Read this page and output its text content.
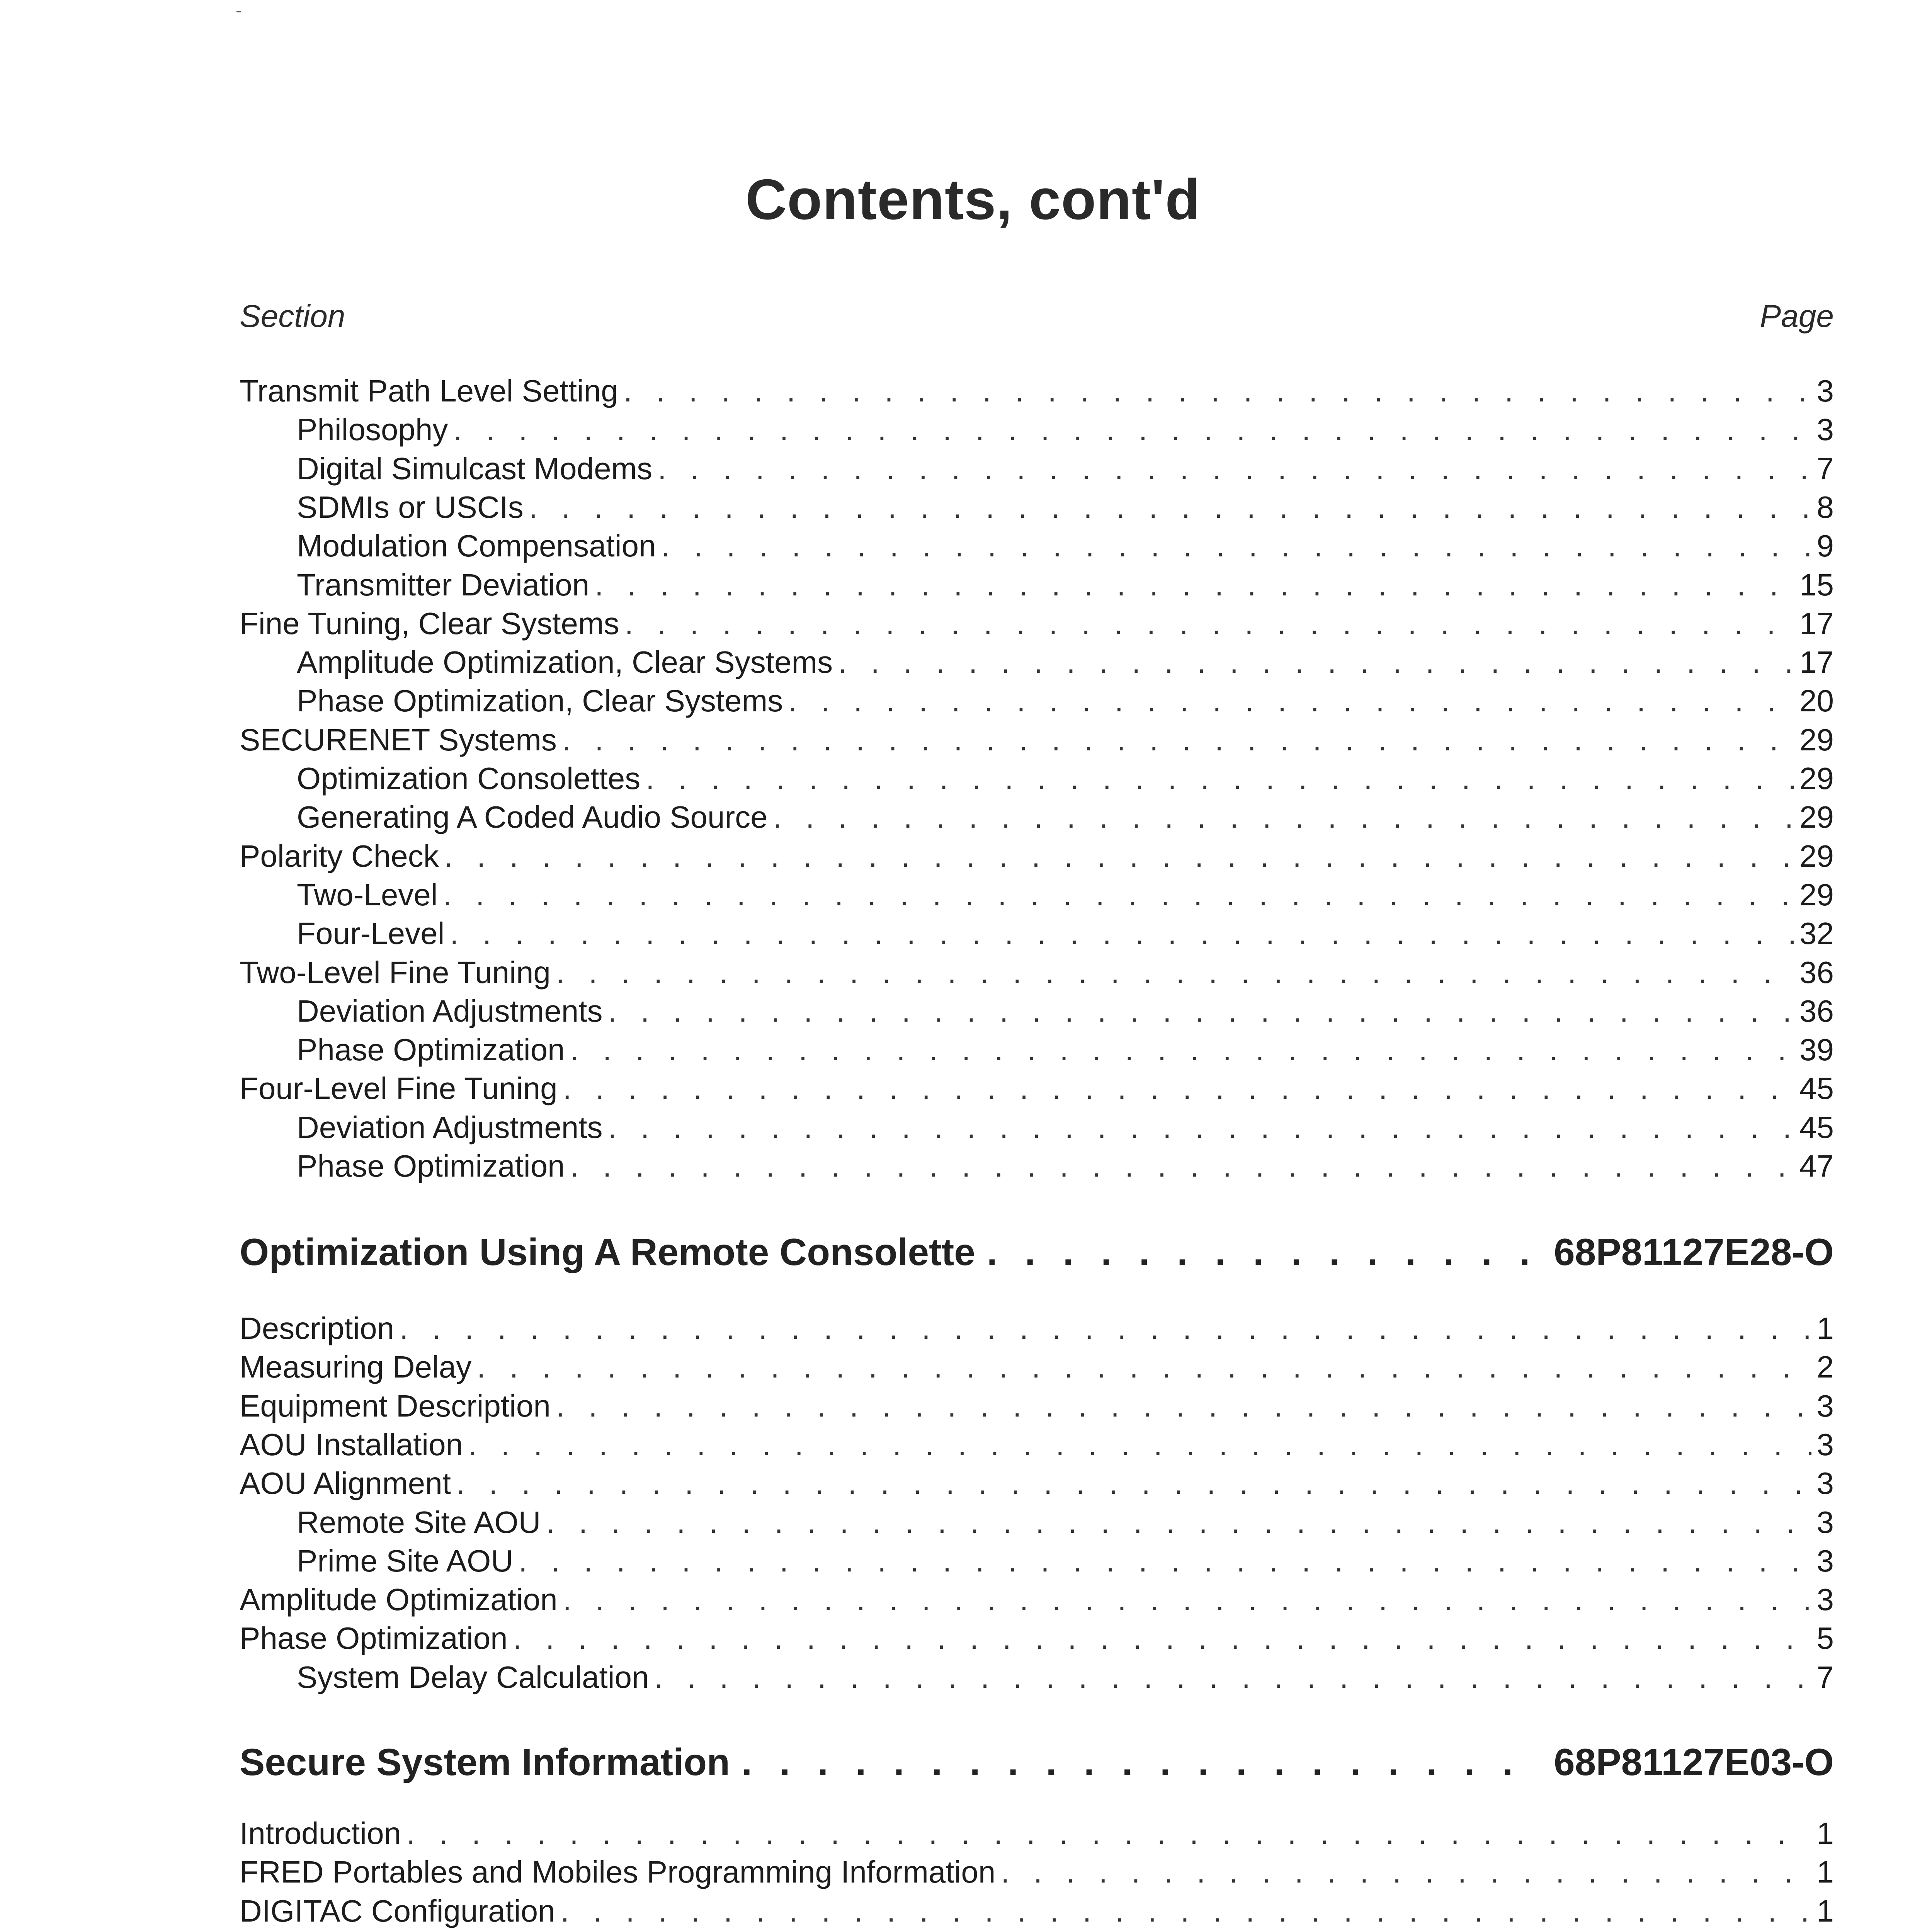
Contents, cont'd
Section	Page
Transmit Path Level Setting . . .	3
Philosophy . . .	3
Digital Simulcast Modems . . .	7
SDMIs or USCIs . . .	8
Modulation Compensation . . .	9
Transmitter Deviation . . .	15
Fine Tuning, Clear Systems . . .	17
Amplitude Optimization, Clear Systems . . .	17
Phase Optimization, Clear Systems . . .	20
SECURENET Systems . . .	29
Optimization Consolettes . . .	29
Generating A Coded Audio Source . . .	29
Polarity Check . . .	29
Two-Level . . .	29
Four-Level . . .	32
Two-Level Fine Tuning . . .	36
Deviation Adjustments . . .	36
Phase Optimization . . .	39
Four-Level Fine Tuning . . .	45
Deviation Adjustments . . .	45
Phase Optimization . . .	47
Optimization Using A Remote Consolette . . .	68P81127E28-O
Description . . .	1
Measuring Delay . . .	2
Equipment Description . . .	3
AOU Installation . . .	3
AOU Alignment . . .	3
Remote Site AOU . . .	3
Prime Site AOU . . .	3
Amplitude Optimization . . .	3
Phase Optimization . . .	5
System Delay Calculation . . .	7
Secure System Information . . .	68P81127E03-O
Introduction . . .	1
FRED Portables and Mobiles Programming Information . . .	1
DIGITAC Configuration . . .	1
. . .
